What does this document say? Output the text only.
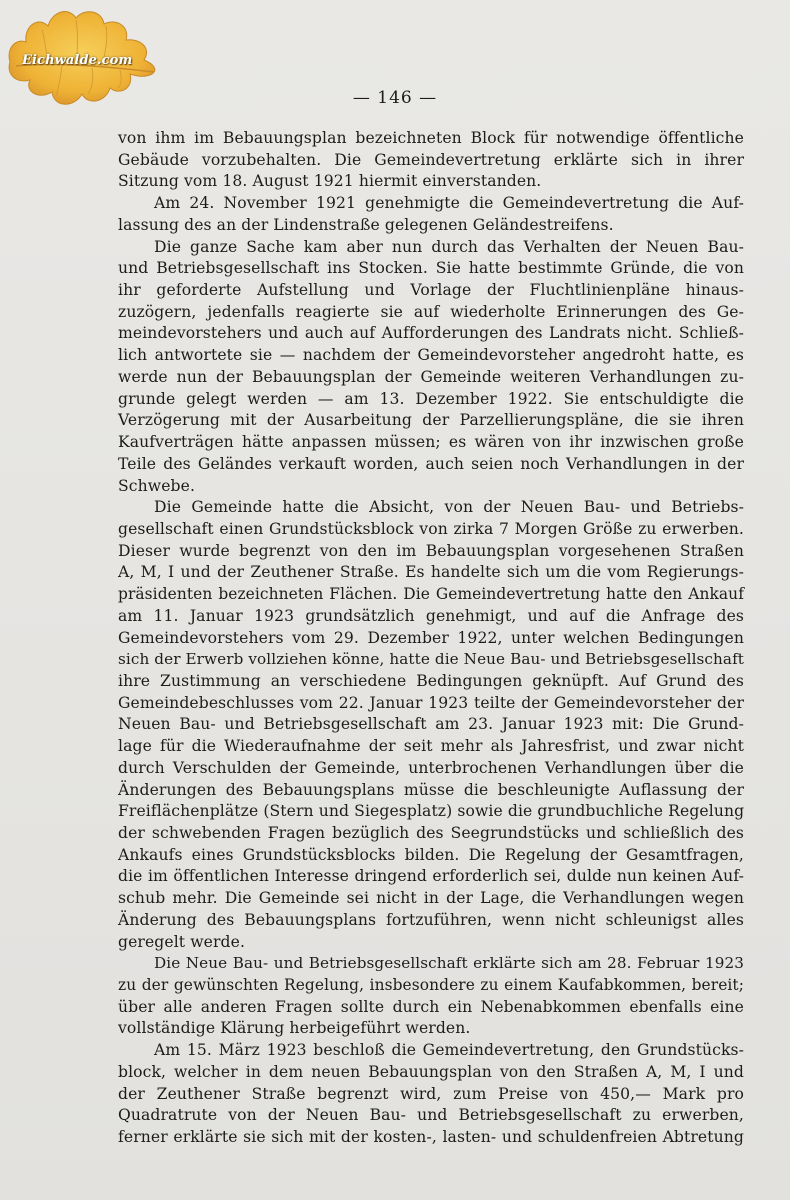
Eichwalde.com
— 146 —
von ihm im Bebauungsplan bezeichneten Block für notwendige öffentliche
Gebäude vorzubehalten. Die Gemeindevertretung erklärte sich in ihrer
Sitzung vom 18. August 1921 hiermit einverstanden.
Am 24. November 1921 genehmigte die Gemeindevertretung die Auf-
lassung des an der Lindenstraße gelegenen Geländestreifens.
Die ganze Sache kam aber nun durch das Verhalten der Neuen Bau-
und Betriebsgesellschaft ins Stocken. Sie hatte bestimmte Gründe, die von
ihr geforderte Aufstellung und Vorlage der Fluchtlinienpläne hinaus-
zuzögern, jedenfalls reagierte sie auf wiederholte Erinnerungen des Ge-
meindevorstehers und auch auf Aufforderungen des Landrats nicht. Schließ-
lich antwortete sie — nachdem der Gemeindevorsteher angedroht hatte, es
werde nun der Bebauungsplan der Gemeinde weiteren Verhandlungen zu-
grunde gelegt werden — am 13. Dezember 1922. Sie entschuldigte die
Verzögerung mit der Ausarbeitung der Parzellierungspläne, die sie ihren
Kaufverträgen hätte anpassen müssen; es wären von ihr inzwischen große
Teile des Geländes verkauft worden, auch seien noch Verhandlungen in der
Schwebe.
Die Gemeinde hatte die Absicht, von der Neuen Bau- und Betriebs-
gesellschaft einen Grundstücksblock von zirka 7 Morgen Größe zu erwerben.
Dieser wurde begrenzt von den im Bebauungsplan vorgesehenen Straßen
A, M, I und der Zeuthener Straße. Es handelte sich um die vom Regierungs-
präsidenten bezeichneten Flächen. Die Gemeindevertretung hatte den Ankauf
am 11. Januar 1923 grundsätzlich genehmigt, und auf die Anfrage des
Gemeindevorstehers vom 29. Dezember 1922, unter welchen Bedingungen
sich der Erwerb vollziehen könne, hatte die Neue Bau- und Betriebsgesellschaft
ihre Zustimmung an verschiedene Bedingungen geknüpft. Auf Grund des
Gemeindebeschlusses vom 22. Januar 1923 teilte der Gemeindevorsteher der
Neuen Bau- und Betriebsgesellschaft am 23. Januar 1923 mit: Die Grund-
lage für die Wiederaufnahme der seit mehr als Jahresfrist, und zwar nicht
durch Verschulden der Gemeinde, unterbrochenen Verhandlungen über die
Änderungen des Bebauungsplans müsse die beschleunigte Auflassung der
Freiflächenplätze (Stern und Siegesplatz) sowie die grundbuchliche Regelung
der schwebenden Fragen bezüglich des Seegrundstücks und schließlich des
Ankaufs eines Grundstücksblocks bilden. Die Regelung der Gesamtfragen,
die im öffentlichen Interesse dringend erforderlich sei, dulde nun keinen Auf-
schub mehr. Die Gemeinde sei nicht in der Lage, die Verhandlungen wegen
Änderung des Bebauungsplans fortzuführen, wenn nicht schleunigst alles
geregelt werde.
Die Neue Bau- und Betriebsgesellschaft erklärte sich am 28. Februar 1923
zu der gewünschten Regelung, insbesondere zu einem Kaufabkommen, bereit;
über alle anderen Fragen sollte durch ein Nebenabkommen ebenfalls eine
vollständige Klärung herbeigeführt werden.
Am 15. März 1923 beschloß die Gemeindevertretung, den Grundstücks-
block, welcher in dem neuen Bebauungsplan von den Straßen A, M, I und
der Zeuthener Straße begrenzt wird, zum Preise von 450,— Mark pro
Quadratrute von der Neuen Bau- und Betriebsgesellschaft zu erwerben,
ferner erklärte sie sich mit der kosten-, lasten- und schuldenfreien Abtretung
